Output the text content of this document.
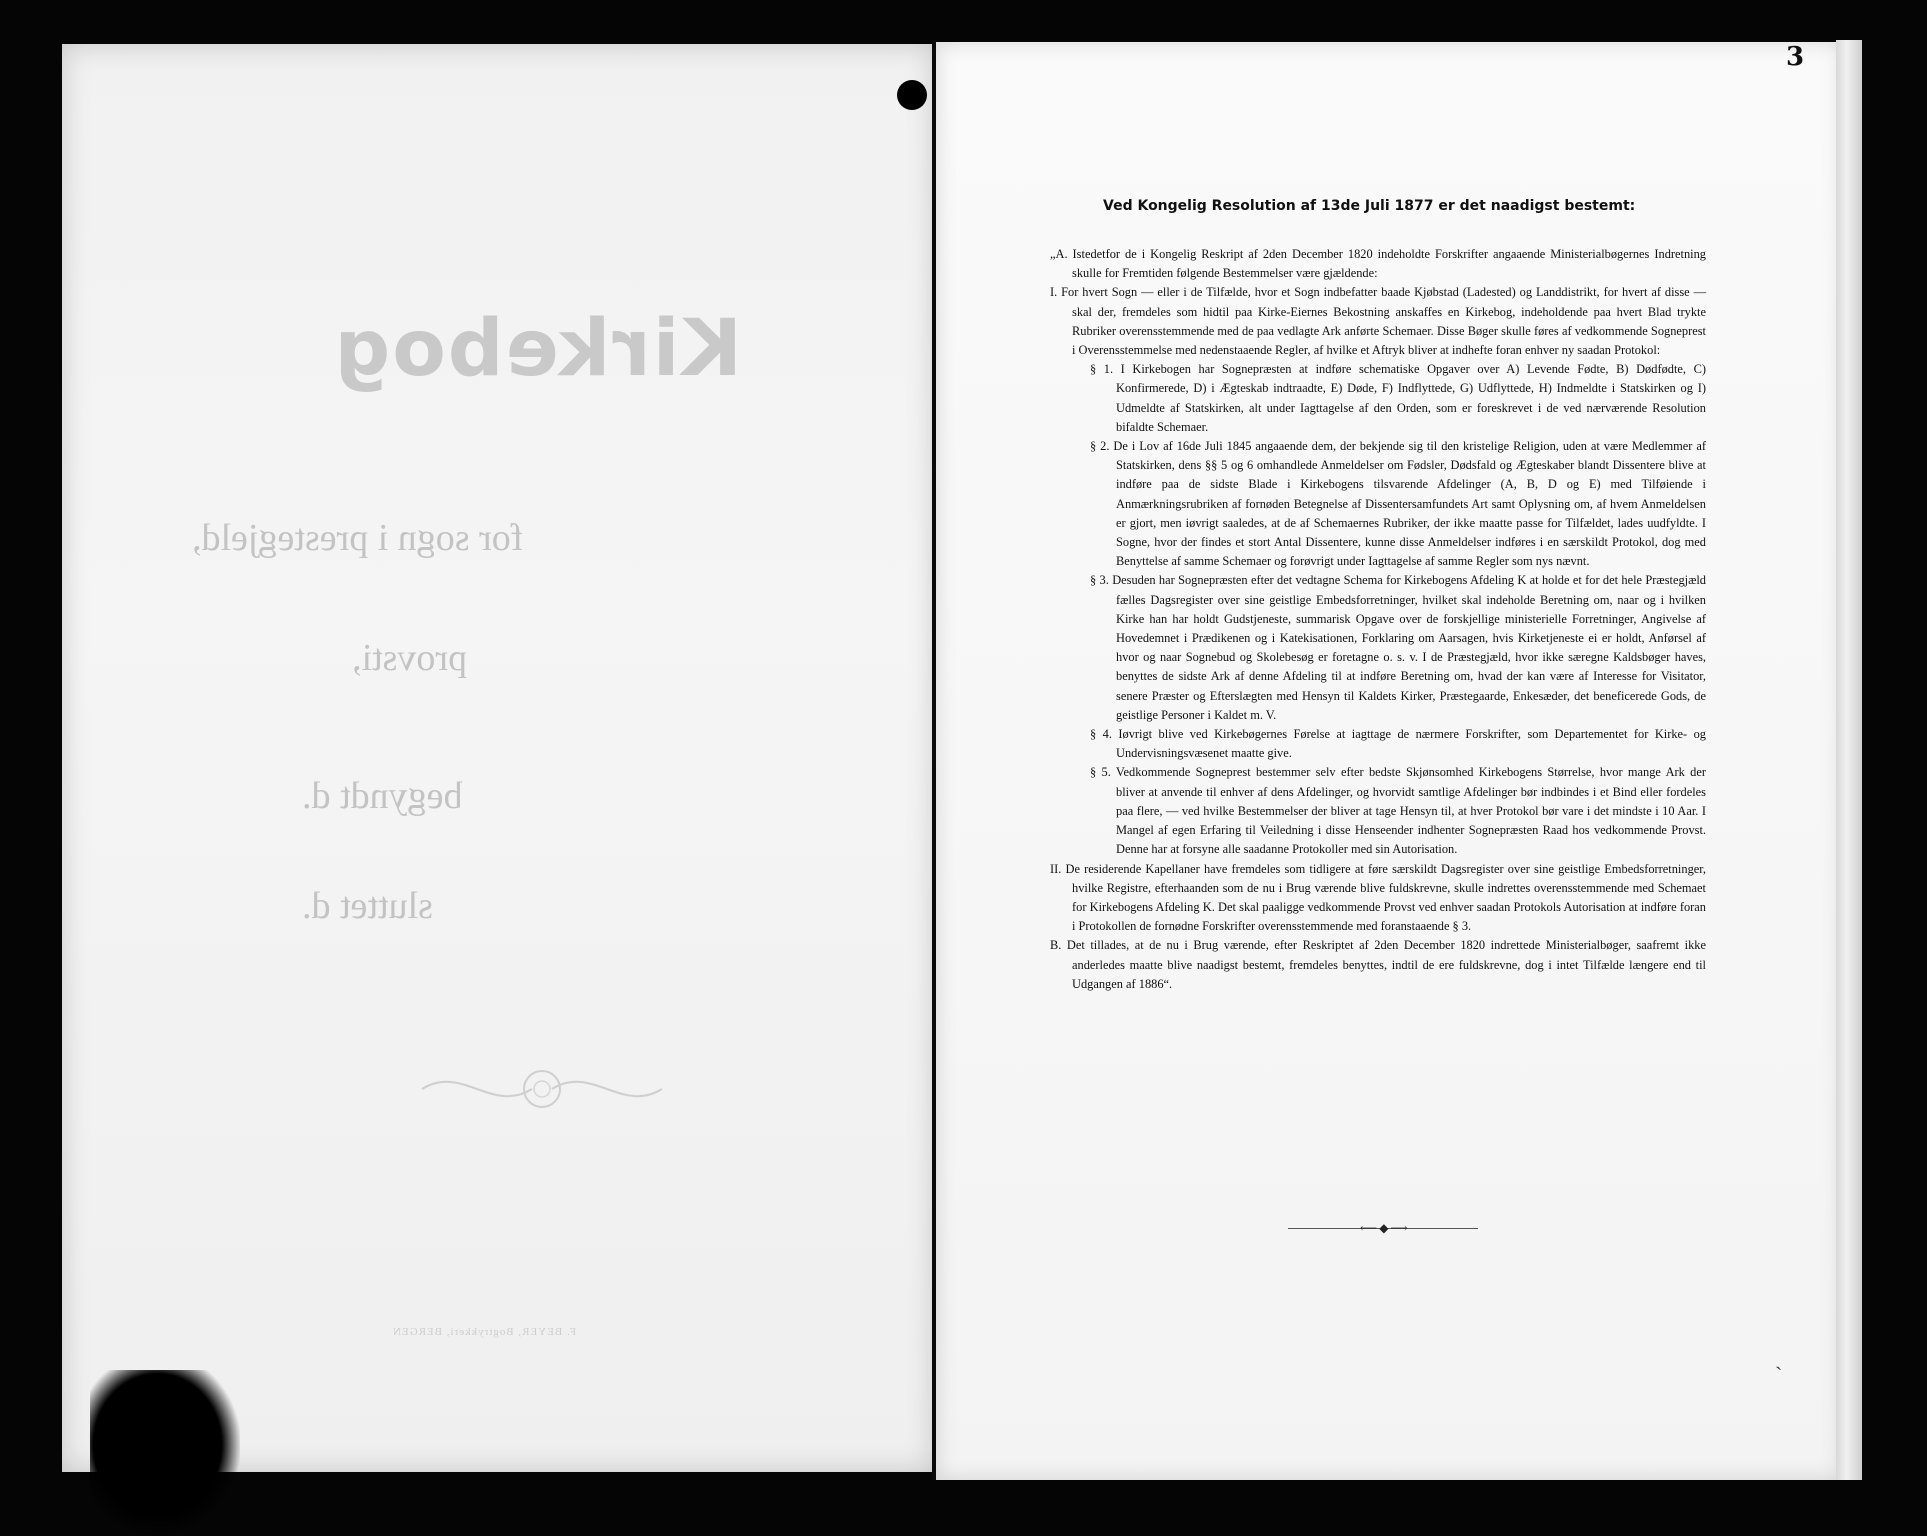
Kirkebog
for sogn i prestegjeld,
provsti,
begyndt d.
sluttet d.
F. BEYER, Bogtrykkeri, BERGEN
3
Ved Kongelig Resolution af 13de Juli 1877 er det naadigst bestemt:

„A. Istedetfor de i Kongelig Reskript af 2den December 1820 indeholdte Forskrifter angaaende Ministerialbøgernes Indretning skulle for Fremtiden følgende Bestemmelser være gjældende:

I. For hvert Sogn — eller i de Tilfælde, hvor et Sogn indbefatter baade Kjøbstad (Ladested) og Landdistrikt, for hvert af disse — skal der, fremdeles som hidtil paa Kirke-Eiernes Bekostning anskaffes en Kirkebog, indeholdende paa hvert Blad trykte Rubriker overensstemmende med de paa vedlagte Ark anførte Schemaer. Disse Bøger skulle føres af vedkommende Sogneprest i Overensstemmelse med nedenstaaende Regler, af hvilke et Aftryk bliver at indhefte foran enhver ny saadan Protokol:

§ 1. I Kirkebogen har Sognepræsten at indføre schematiske Opgaver over A) Levende Fødte, B) Dødfødte, C) Konfirmerede, D) i Ægteskab indtraadte, E) Døde, F) Indflyttede, G) Udflyttede, H) Indmeldte i Statskirken og I) Udmeldte af Statskirken, alt under Iagttagelse af den Orden, som er foreskrevet i de ved nærværende Resolution bifaldte Schemaer.

§ 2. De i Lov af 16de Juli 1845 angaaende dem, der bekjende sig til den kristelige Religion, uden at være Medlemmer af Statskirken, dens §§ 5 og 6 omhandlede Anmeldelser om Fødsler, Dødsfald og Ægteskaber blandt Dissentere blive at indføre paa de sidste Blade i Kirkebogens tilsvarende Afdelinger (A, B, D og E) med Tilføiende i Anmærkningsrubriken af fornøden Betegnelse af Dissentersamfundets Art samt Oplysning om, af hvem Anmeldelsen er gjort, men iøvrigt saaledes, at de af Schemaernes Rubriker, der ikke maatte passe for Tilfældet, lades uudfyldte. I Sogne, hvor der findes et stort Antal Dissentere, kunne disse Anmeldelser indføres i en særskildt Protokol, dog med Benyttelse af samme Schemaer og forøvrigt under Iagttagelse af samme Regler som nys nævnt.

§ 3. Desuden har Sognepræsten efter det vedtagne Schema for Kirkebogens Afdeling K at holde et for det hele Præstegjæld fælles Dagsregister over sine geistlige Embedsforretninger, hvilket skal indeholde Beretning om, naar og i hvilken Kirke han har holdt Gudstjeneste, summarisk Opgave over de forskjellige ministerielle Forretninger, Angivelse af Hovedemnet i Prædikenen og i Katekisationen, Forklaring om Aarsagen, hvis Kirketjeneste ei er holdt, Anførsel af hvor og naar Sognebud og Skolebesøg er foretagne o. s. v. I de Præstegjæld, hvor ikke særegne Kaldsbøger haves, benyttes de sidste Ark af denne Afdeling til at indføre Beretning om, hvad der kan være af Interesse for Visitator, senere Præster og Efterslægten med Hensyn til Kaldets Kirker, Præstegaarde, Enkesæder, det beneficerede Gods, de geistlige Personer i Kaldet m. V.

§ 4. Iøvrigt blive ved Kirkebøgernes Førelse at iagttage de nærmere Forskrifter, som Departementet for Kirke- og Undervisningsvæsenet maatte give.

§ 5. Vedkommende Sogneprest bestemmer selv efter bedste Skjønsomhed Kirkebogens Størrelse, hvor mange Ark der bliver at anvende til enhver af dens Afdelinger, og hvorvidt samtlige Afdelinger bør indbindes i et Bind eller fordeles paa flere, — ved hvilke Bestemmelser der bliver at tage Hensyn til, at hver Protokol bør vare i det mindste i 10 Aar. I Mangel af egen Erfaring til Veiledning i disse Henseender indhenter Sognepræsten Raad hos vedkommende Provst. Denne har at forsyne alle saadanne Protokoller med sin Autorisation.

II. De residerende Kapellaner have fremdeles som tidligere at føre særskildt Dagsregister over sine geistlige Embedsforretninger, hvilke Registre, efterhaanden som de nu i Brug værende blive fuldskrevne, skulle indrettes overensstemmende med Schemaet for Kirkebogens Afdeling K. Det skal paaligge vedkommende Provst ved enhver saadan Protokols Autorisation at indføre foran i Protokollen de fornødne Forskrifter overensstemmende med foranstaaende § 3.

B. Det tillades, at de nu i Brug værende, efter Reskriptet af 2den December 1820 indrettede Ministerialbøger, saafremt ikke anderledes maatte blive naadigst bestemt, fremdeles benyttes, indtil de ere fuldskrevne, dog i intet Tilfælde længere end til Udgangen af 1886“.

⟵◆⟶
ˏ
